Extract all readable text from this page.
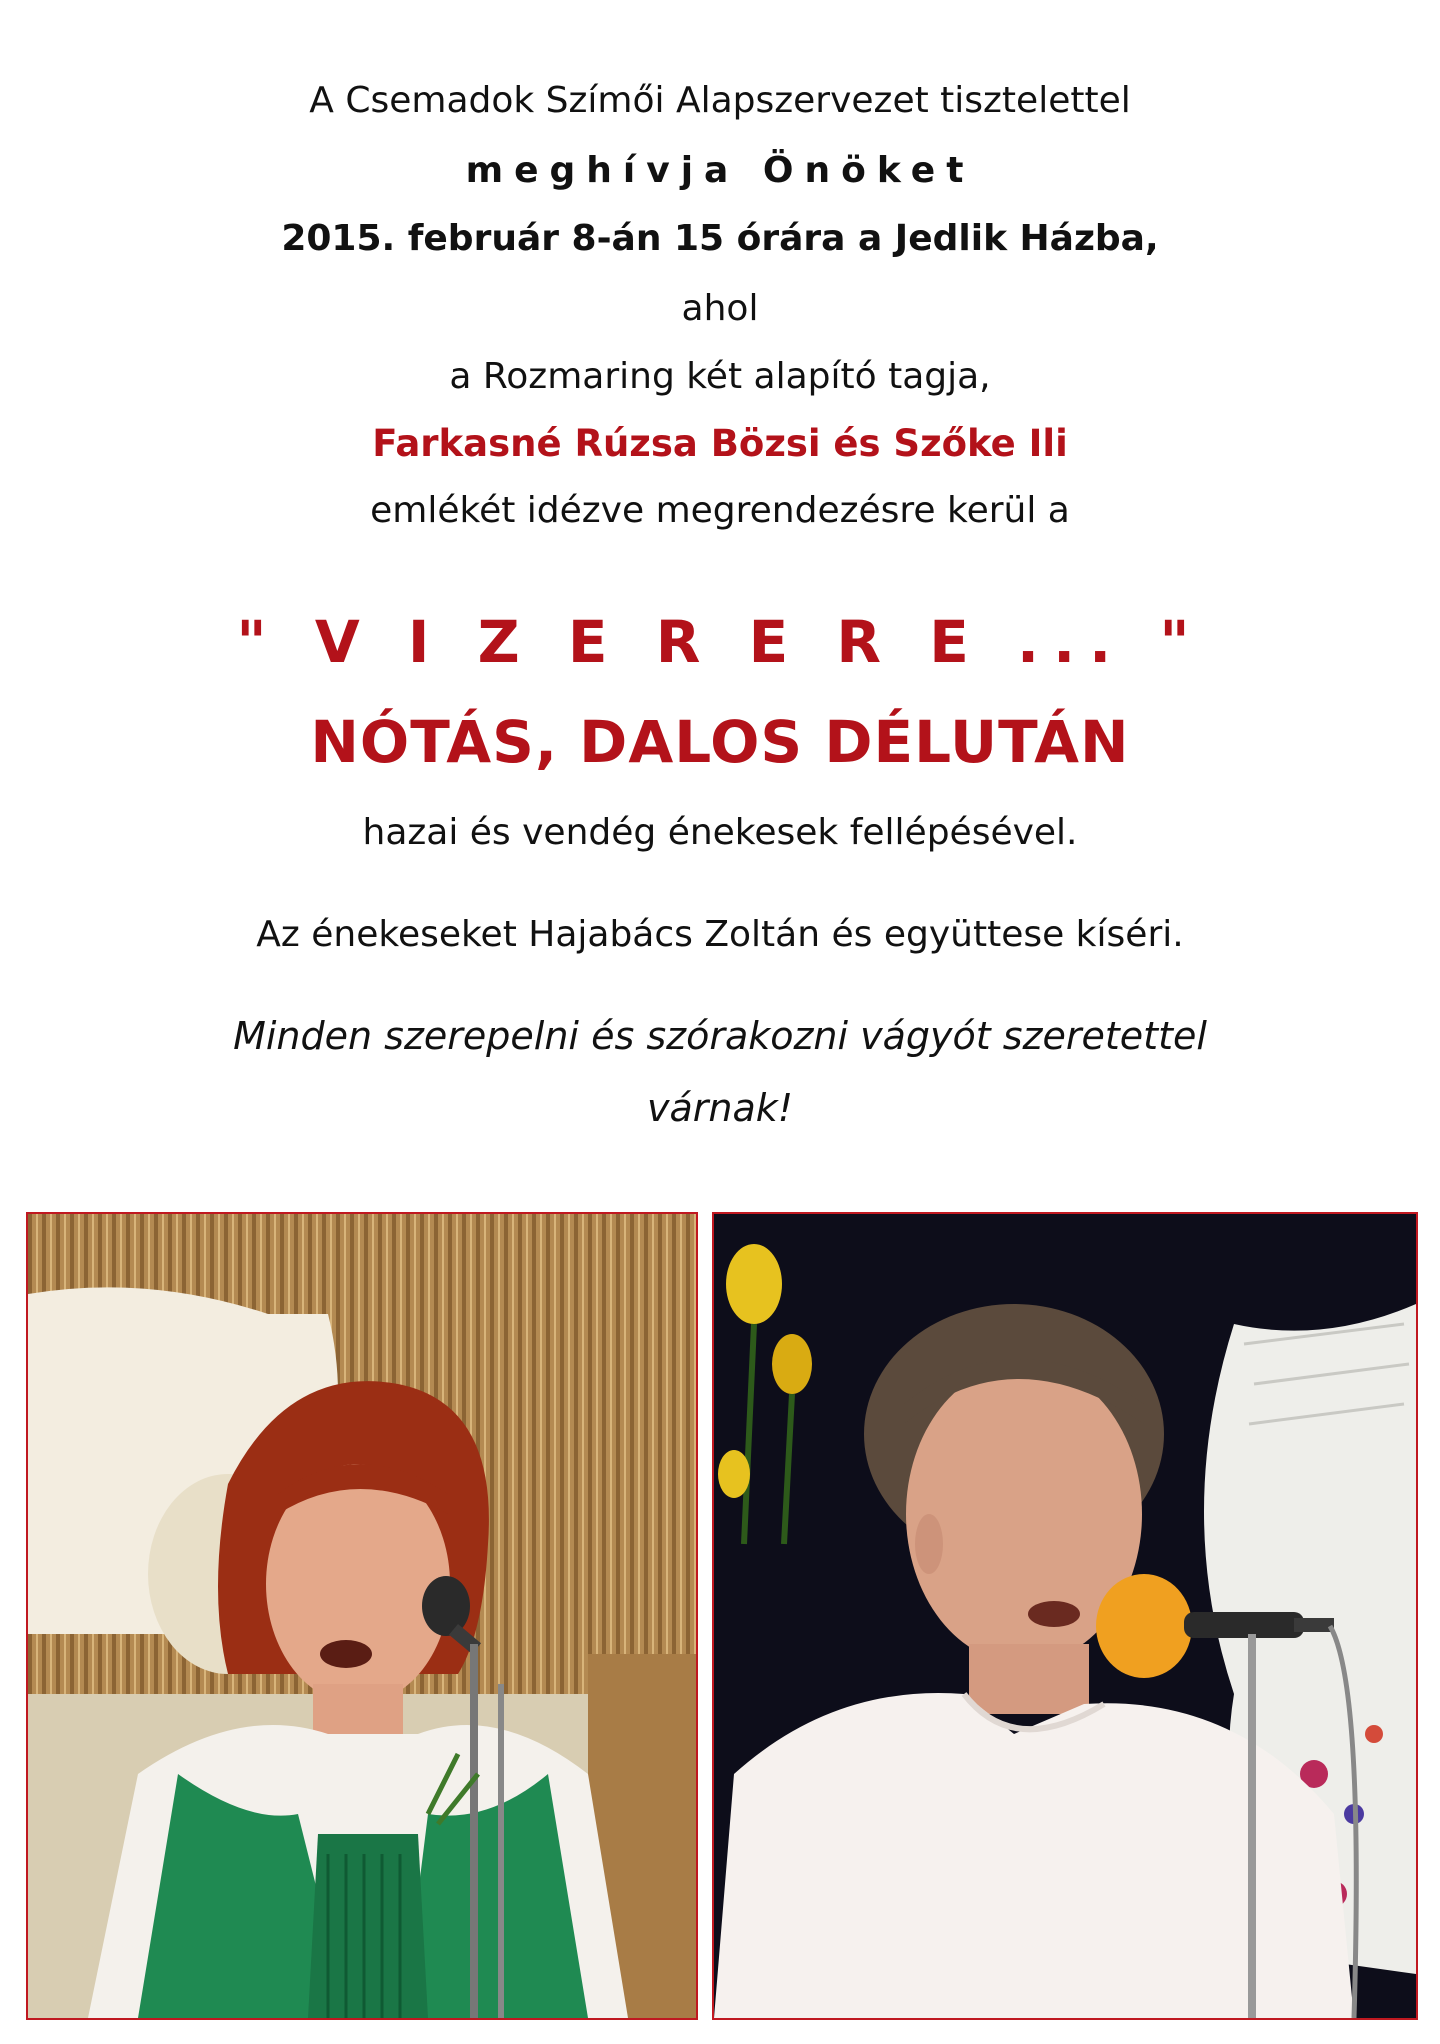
A Csemadok Szímői Alapszervezet tisztelettel
meghívja Önöket
2015. február 8-án 15 órára a Jedlik Házba,
ahol
a Rozmaring két alapító tagja,
Farkasné Rúzsa Bözsi és Szőke Ili
emlékét idézve megrendezésre kerül a
" V I Z E R E R E ... "
NÓTÁS, DALOS DÉLUTÁN
hazai és vendég énekesek fellépésével.
Az énekeseket Hajabács Zoltán és együttese kíséri.
Minden szerepelni és szórakozni vágyót szeretettel
várnak!
